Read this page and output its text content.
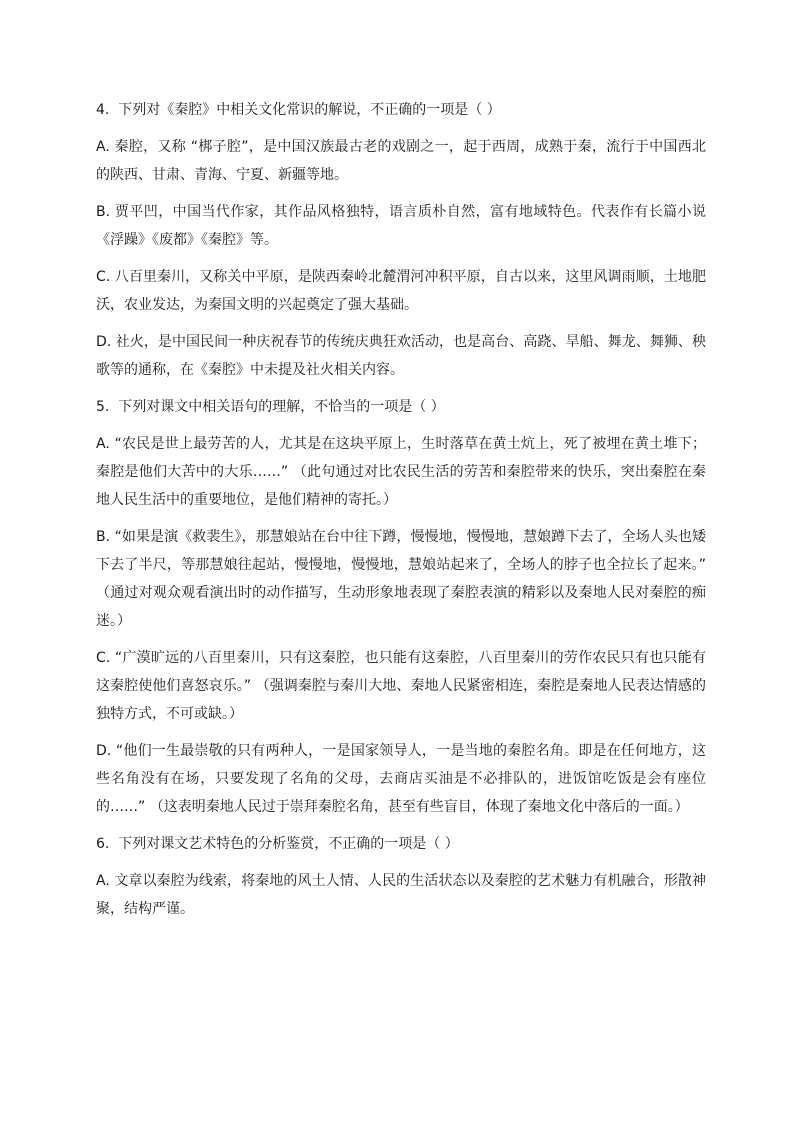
4.  下列对《秦腔》中相关文化常识的解说，不正确的一项是（ ）

A. 秦腔，又称 “梆子腔”，是中国汉族最古老的戏剧之一，起于西周，成熟于秦，流行于中国西北的陕西、甘肃、青海、宁夏、新疆等地。

B. 贾平凹，中国当代作家，其作品风格独特，语言质朴自然，富有地域特色。代表作有长篇小说《浮躁》《废都》《秦腔》等。

C. 八百里秦川，又称关中平原，是陕西秦岭北麓渭河冲积平原，自古以来，这里风调雨顺，土地肥沃，农业发达，为秦国文明的兴起奠定了强大基础。

D. 社火，是中国民间一种庆祝春节的传统庆典狂欢活动，也是高台、高跷、旱船、舞龙、舞狮、秧歌等的通称，在《秦腔》中未提及社火相关内容。

5.  下列对课文中相关语句的理解，不恰当的一项是（ ）

A. “农民是世上最劳苦的人，尤其是在这块平原上，生时落草在黄土炕上，死了被埋在黄土堆下；秦腔是他们大苦中的大乐……” （此句通过对比农民生活的劳苦和秦腔带来的快乐，突出秦腔在秦地人民生活中的重要地位，是他们精神的寄托。）

B. “如果是演《救裴生》，那慧娘站在台中往下蹲，慢慢地，慢慢地，慧娘蹲下去了，全场人头也矮下去了半尺，等那慧娘往起站，慢慢地，慢慢地，慧娘站起来了，全场人的脖子也全拉长了起来。” （通过对观众观看演出时的动作描写，生动形象地表现了秦腔表演的精彩以及秦地人民对秦腔的痴迷。）

C. “广漠旷远的八百里秦川，只有这秦腔，也只能有这秦腔，八百里秦川的劳作农民只有也只能有这秦腔使他们喜怒哀乐。” （强调秦腔与秦川大地、秦地人民紧密相连，秦腔是秦地人民表达情感的独特方式，不可或缺。）

D. “他们一生最崇敬的只有两种人，一是国家领导人，一是当地的秦腔名角。即是在任何地方，这些名角没有在场，只要发现了名角的父母，去商店买油是不必排队的，进饭馆吃饭是会有座位的……” （这表明秦地人民过于崇拜秦腔名角，甚至有些盲目，体现了秦地文化中落后的一面。）

6.  下列对课文艺术特色的分析鉴赏，不正确的一项是（ ）

A. 文章以秦腔为线索，将秦地的风土人情、人民的生活状态以及秦腔的艺术魅力有机融合，形散神聚，结构严谨。
